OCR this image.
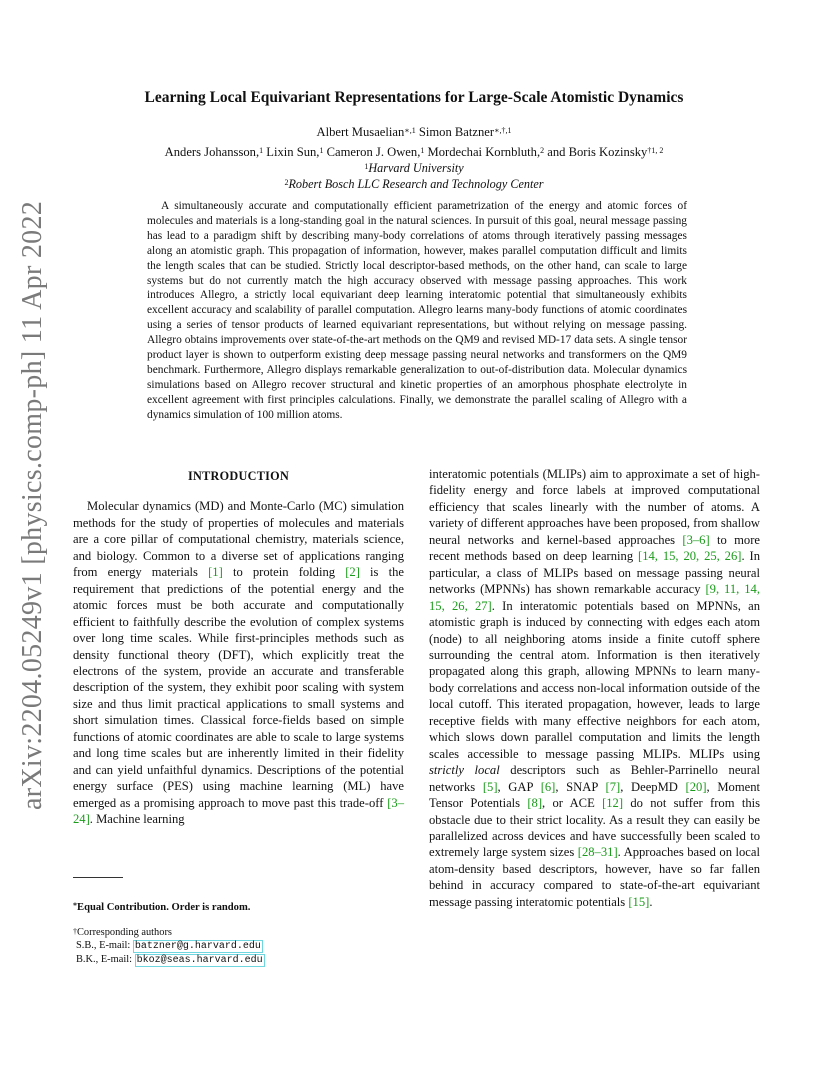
arXiv:2204.05249v1 [physics.comp-ph] 11 Apr 2022
Learning Local Equivariant Representations for Large-Scale Atomistic Dynamics
Albert Musaelian$^{∗,1}$ Simon Batzner$^{∗,\dagger,1}$
Anders Johansson,$^1$ Lixin Sun,$^1$ Cameron J. Owen,$^1$ Mordechai Kornbluth,$^2$ and Boris Kozinsky$^{\dagger 1, 2}$
$^1$Harvard University
$^2$Robert Bosch LLC Research and Technology Center
A simultaneously accurate and computationally efficient parametrization of the energy and atomic forces of molecules and materials is a long-standing goal in the natural sciences. In pursuit of this goal, neural message passing has lead to a paradigm shift by describing many-body correlations of atoms through iteratively passing messages along an atomistic graph. This propagation of information, however, makes parallel computation difficult and limits the length scales that can be studied. Strictly local descriptor-based methods, on the other hand, can scale to large systems but do not currently match the high accuracy observed with message passing approaches. This work introduces Allegro, a strictly local equivariant deep learning interatomic potential that simultaneously exhibits excellent accuracy and scalability of parallel computation. Allegro learns many-body functions of atomic coordinates using a series of tensor products of learned equivariant representations, but without relying on message passing. Allegro obtains improvements over state-of-the-art methods on the QM9 and revised MD-17 data sets. A single tensor product layer is shown to outperform existing deep message passing neural networks and transformers on the QM9 benchmark. Furthermore, Allegro displays remarkable generalization to out-of-distribution data. Molecular dynamics simulations based on Allegro recover structural and kinetic properties of an amorphous phosphate electrolyte in excellent agreement with first principles calculations. Finally, we demonstrate the parallel scaling of Allegro with a dynamics simulation of 100 million atoms.
INTRODUCTION

Molecular dynamics (MD) and Monte-Carlo (MC) simulation methods for the study of properties of molecules and materials are a core pillar of computational chemistry, materials science, and biology. Common to a diverse set of applications ranging from energy materials [1] to protein folding [2] is the requirement that predictions of the potential energy and the atomic forces must be both accurate and computationally efficient to faithfully describe the evolution of complex systems over long time scales. While first-principles methods such as density functional theory (DFT), which explicitly treat the electrons of the system, provide an accurate and transferable description of the system, they exhibit poor scaling with system size and thus limit practical applications to small systems and short simulation times. Classical force-fields based on simple functions of atomic coordinates are able to scale to large systems and long time scales but are inherently limited in their fidelity and can yield unfaithful dynamics. Descriptions of the potential energy surface (PES) using machine learning (ML) have emerged as a promising approach to move past this trade-off [3–24]. Machine learning

interatomic potentials (MLIPs) aim to approximate a set of high-fidelity energy and force labels at improved computational efficiency that scales linearly with the number of atoms. A variety of different approaches have been proposed, from shallow neural networks and kernel-based approaches [3–6] to more recent methods based on deep learning [14, 15, 20, 25, 26]. In particular, a class of MLIPs based on message passing neural networks (MPNNs) has shown remarkable accuracy [9, 11, 14, 15, 26, 27]. In interatomic potentials based on MPNNs, an atomistic graph is induced by connecting with edges each atom (node) to all neighboring atoms inside a finite cutoff sphere surrounding the central atom. Information is then iteratively propagated along this graph, allowing MPNNs to learn many-body correlations and access non-local information outside of the local cutoff. This iterated propagation, however, leads to large receptive fields with many effective neighbors for each atom, which slows down parallel computation and limits the length scales accessible to message passing MLIPs. MLIPs using strictly local descriptors such as Behler-Parrinello neural networks [5], GAP [6], SNAP [7], DeepMD [20], Moment Tensor Potentials [8], or ACE [12] do not suffer from this obstacle due to their strict locality. As a result they can easily be parallelized across devices and have successfully been scaled to extremely large system sizes [28–31]. Approaches based on local atom-density based descriptors, however, have so far fallen behind in accuracy compared to state-of-the-art equivariant message passing interatomic potentials [15].

*Equal Contribution. Order is random.
†Corresponding authors
S.B., E-mail: batzner@g.harvard.edu
B.K., E-mail: bkoz@seas.harvard.edu
